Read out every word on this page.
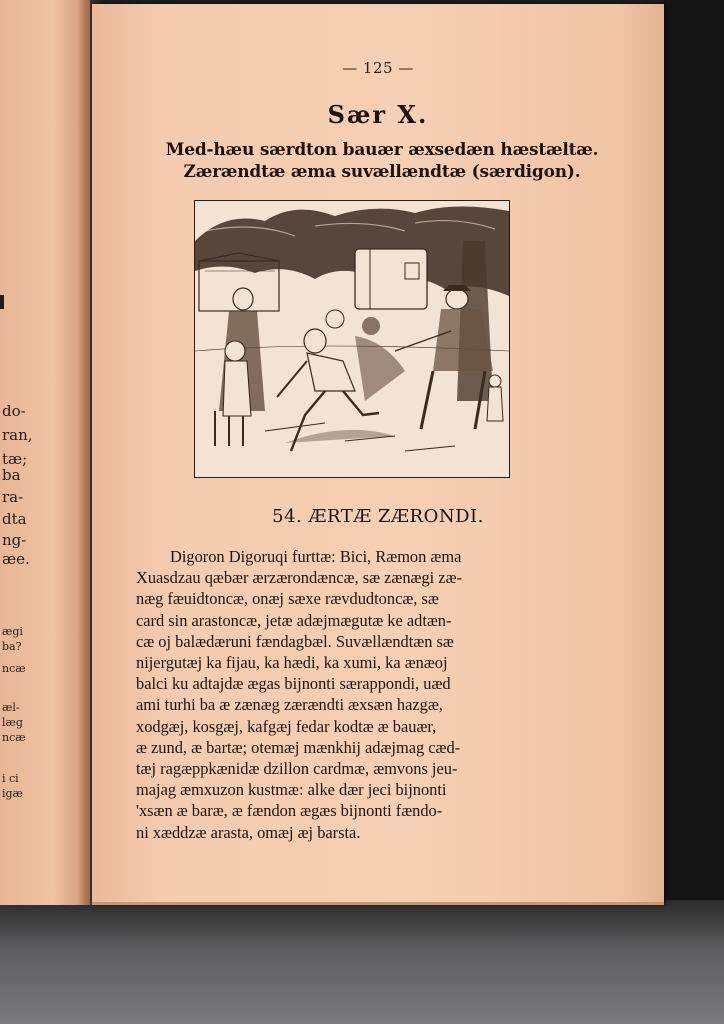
do-
ran,
tæ;
ba
ra-
dta
ng-
æe.
ægi
ba?
ncæ
æl-
læg
ncæ
i ci
igæ
— 125 —
Sær X.
Med-hæu særdton bauær æxsedæn hæstæltæ.
Zærændtæ æma suvællændtæ (særdigon).
54. ÆRTÆ ZÆRONDI.
Digoron Digoruqi furttæ: Bici, Ræmon æma
Xuasdzau qæbær ærzærondæncæ, sæ zænægi zæ-
næg fæuidtoncæ, onæj sæxe rævdudtoncæ, sæ
card sin arastoncæ, jetæ adæjmægutæ ke adtæn-
cæ oj balædæruni fændagbæl. Suvællændtæn sæ
nijergutæj ka fijau, ka hædi, ka xumi, ka ænæoj
balci ku adtajdæ ægas bijnonti særappondi, uæd
ami turhi ba æ zænæg zærændti æxsæn hazgæ,
xodgæj, kosgæj, kafgæj fedar kodtæ æ bauær,
æ zund, æ bartæ; otemæj mænkhij adæjmag cæd-
tæj ragæppkænidæ dzillon cardmæ, æmvons jeu-
majag æmxuzon kustmæ: alke dær jeci bijnonti
'xsæn æ baræ, æ fændon ægæs bijnonti fændo-
ni xæddzæ arasta, omæj æj barsta.
